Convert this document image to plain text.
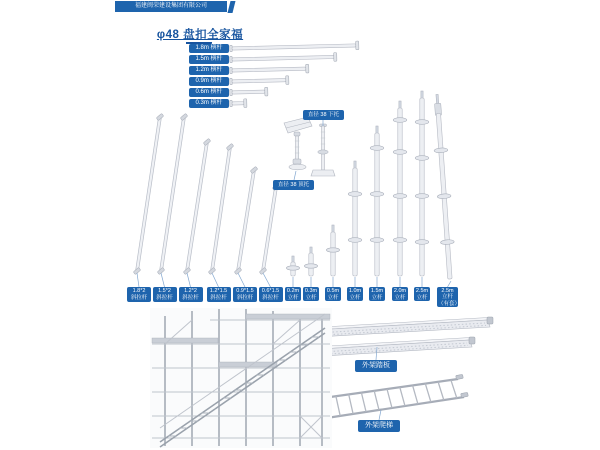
福建闽荣建设集团有限公司
φ48 盘扣全家福
1.8m 横杆
1.5m 横杆
1.2m 横杆
0.9m 横杆
0.6m 横杆
0.3m 横杆
直径 38 下托
直径 38 顶托
1.8*2
斜拉杆
1.5*2
斜拉杆
1.2*2
斜拉杆
1.2*1.5
斜拉杆
0.9*1.5
斜拉杆
0.6*1.5
斜拉杆
0.2m
立杆
0.3m
立杆
0.5m
立杆
1.0m
立杆
1.5m
立杆
2.0m
立杆
2.5m
立杆
2.5m
立杆
（有套）
外架踏板
外架爬梯
